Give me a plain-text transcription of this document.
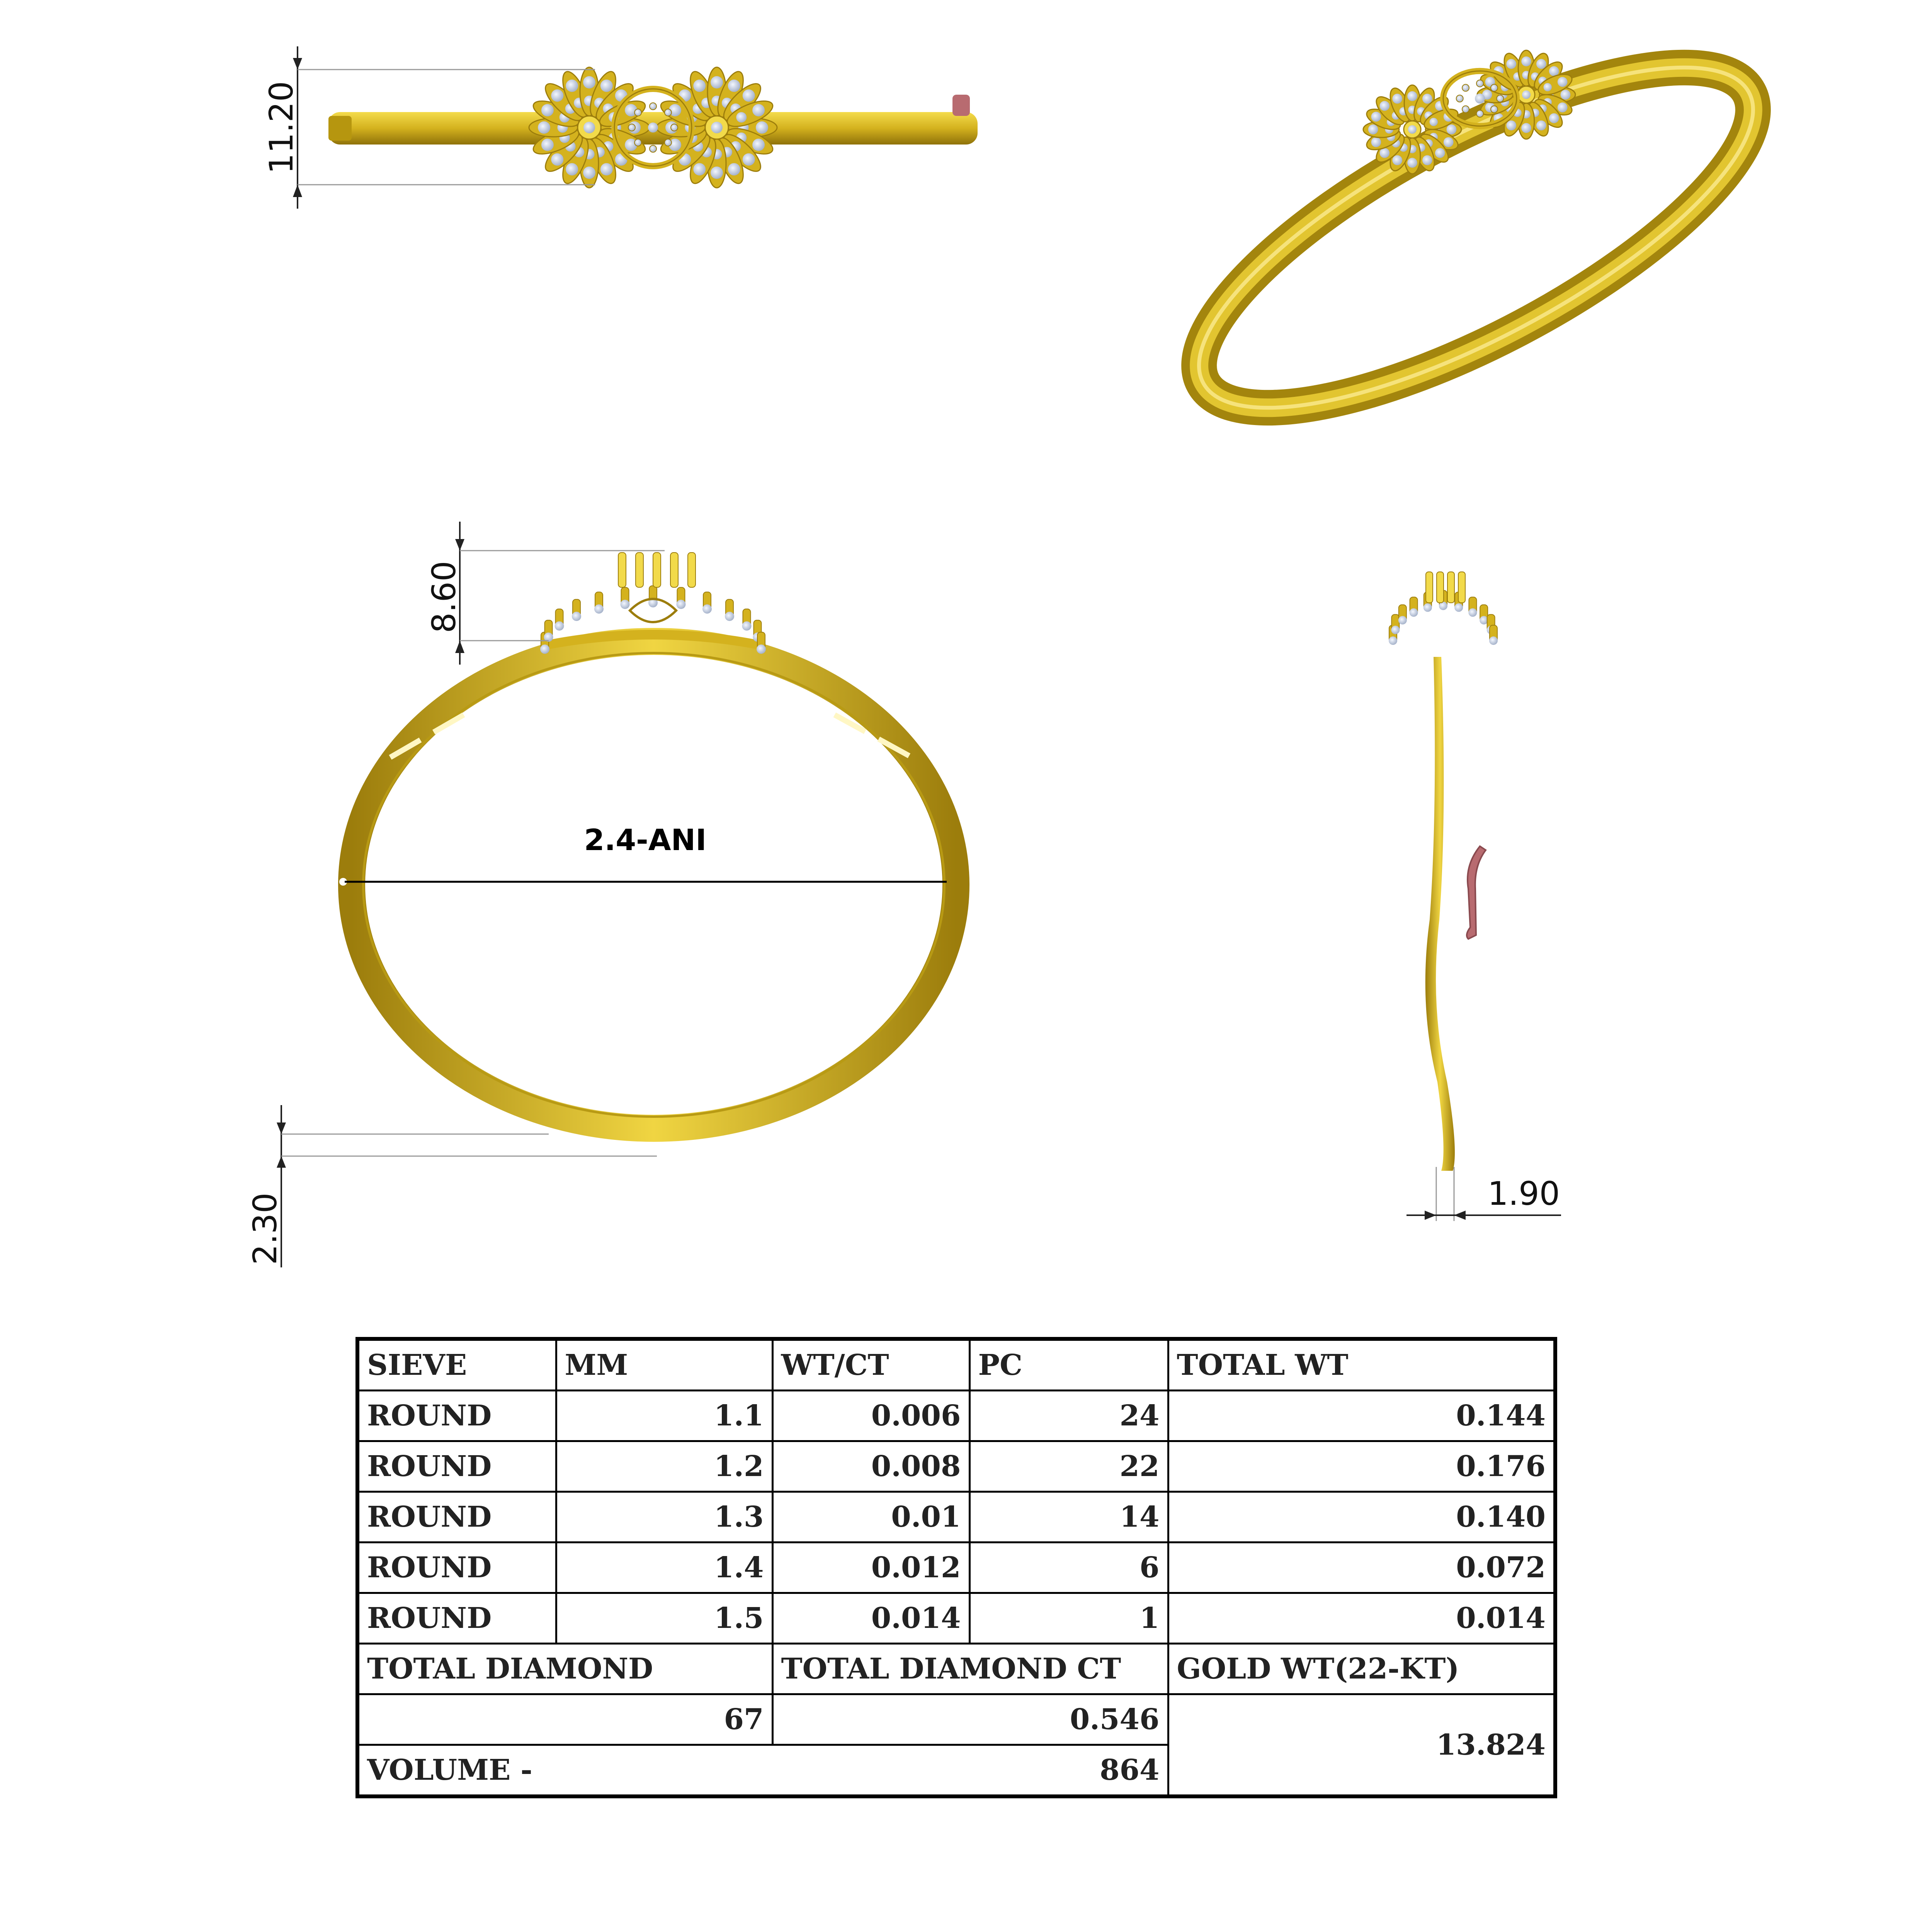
11.20
2.4-ANI
8.60
2.30	1.90
SIEVE	MM	WT/CT	PC	TOTAL WT
ROUND	1.1	0.006	24	0.144
ROUND	1.2	0.008	22	0.176
ROUND	1.3	0.01	14	0.140
ROUND	1.4	0.012	6	0.072
ROUND	1.5	0.014	1	0.014
TOTAL DIAMOND		TOTAL DIAMOND CT		GOLD WT(22-KT)
67		0.546		13.824
VOLUME -		864		
